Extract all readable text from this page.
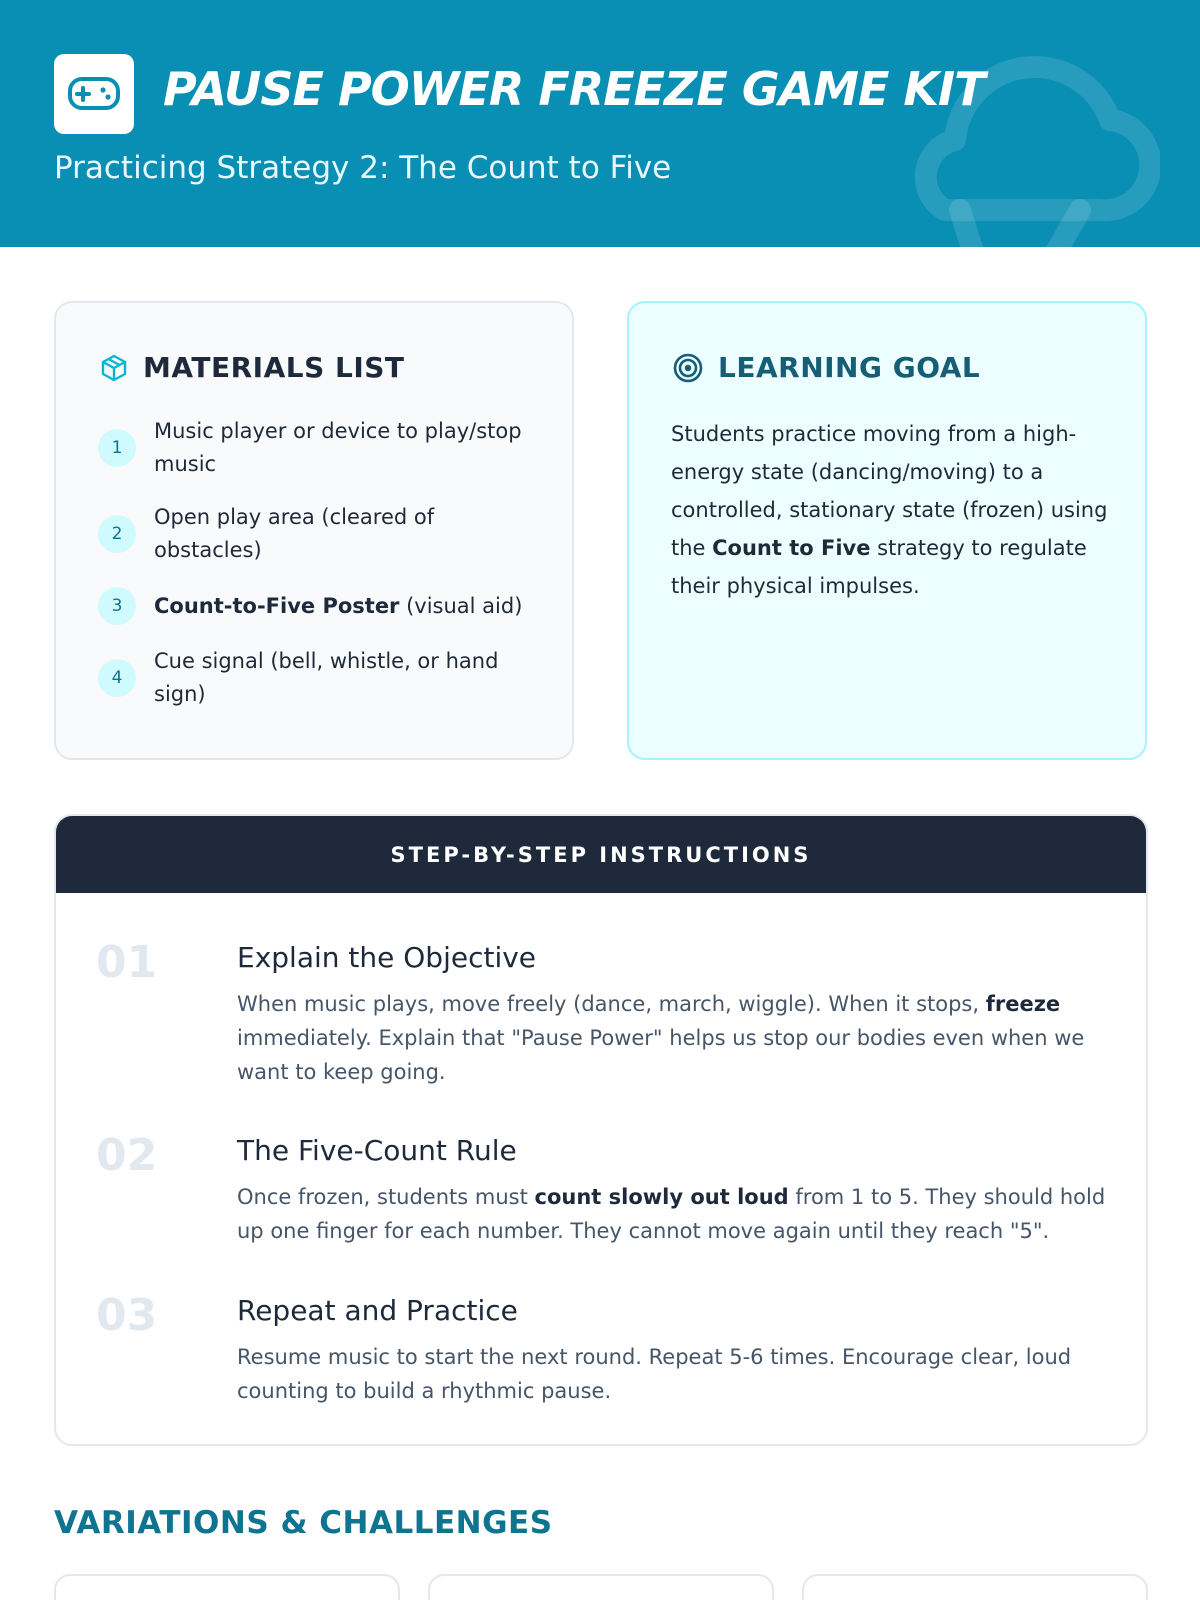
PAUSE POWER FREEZE GAME KIT
Practicing Strategy 2: The Count to Five
MATERIALS LIST
1
Music player or device to play/stop music
2
Open play area (cleared of obstacles)
3	Count-to-Five Poster (visual aid)
4
Cue signal (bell, whistle, or hand sign)
LEARNING GOAL

Students practice moving from a high-energy state (dancing/moving) to a controlled, stationary state (frozen) using the Count to Five strategy to regulate their physical impulses.

STEP-BY-STEP INSTRUCTIONS
01	Explain the Objective

When music plays, move freely (dance, march, wiggle). When it stops, freeze immediately. Explain that "Pause Power" helps us stop our bodies even when we want to keep going.

02	The Five-Count Rule

Once frozen, students must count slowly out loud from 1 to 5. They should hold up one finger for each number. They cannot move again until they reach "5".

03	Repeat and Practice

Resume music to start the next round. Repeat 5-6 times. Encourage clear, loud counting to build a rhythmic pause.

VARIATIONS & CHALLENGES
